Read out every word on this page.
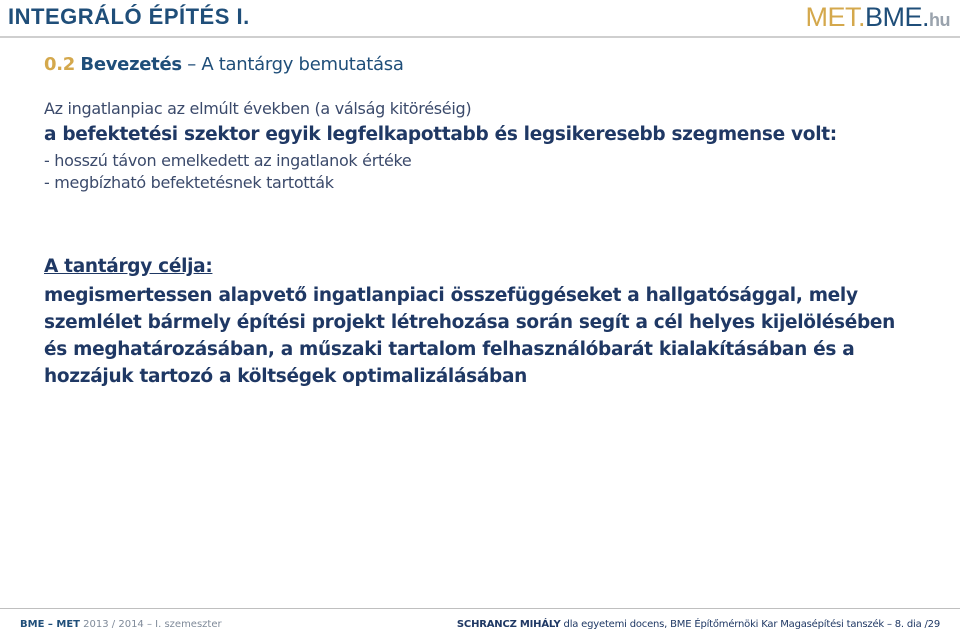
INTEGRÁLÓ ÉPÍTÉS I.	MET.BME.hu
0.2 Bevezetés – A tantárgy bemutatása
Az ingatlanpiac az elmúlt években (a válság kitöréséig)
a befektetési szektor egyik legfelkapottabb és legsikeresebb szegmense volt:
- hosszú távon emelkedett az ingatlanok értéke
- megbízható befektetésnek tartották
A tantárgy célja:
megismertessen alapvető ingatlanpiaci összefüggéseket a hallgatósággal, mely szemlélet bármely építési projekt létrehozása során segít a cél helyes kijelölésében és meghatározásában, a műszaki tartalom felhasználóbarát kialakításában és a hozzájuk tartozó a költségek optimalizálásában
BME – MET 2013 / 2014 – I. szemeszter	SCHRANCZ MIHÁLY dla egyetemi docens, BME Építőmérnöki Kar Magasépítési tanszék – 8. dia /29
